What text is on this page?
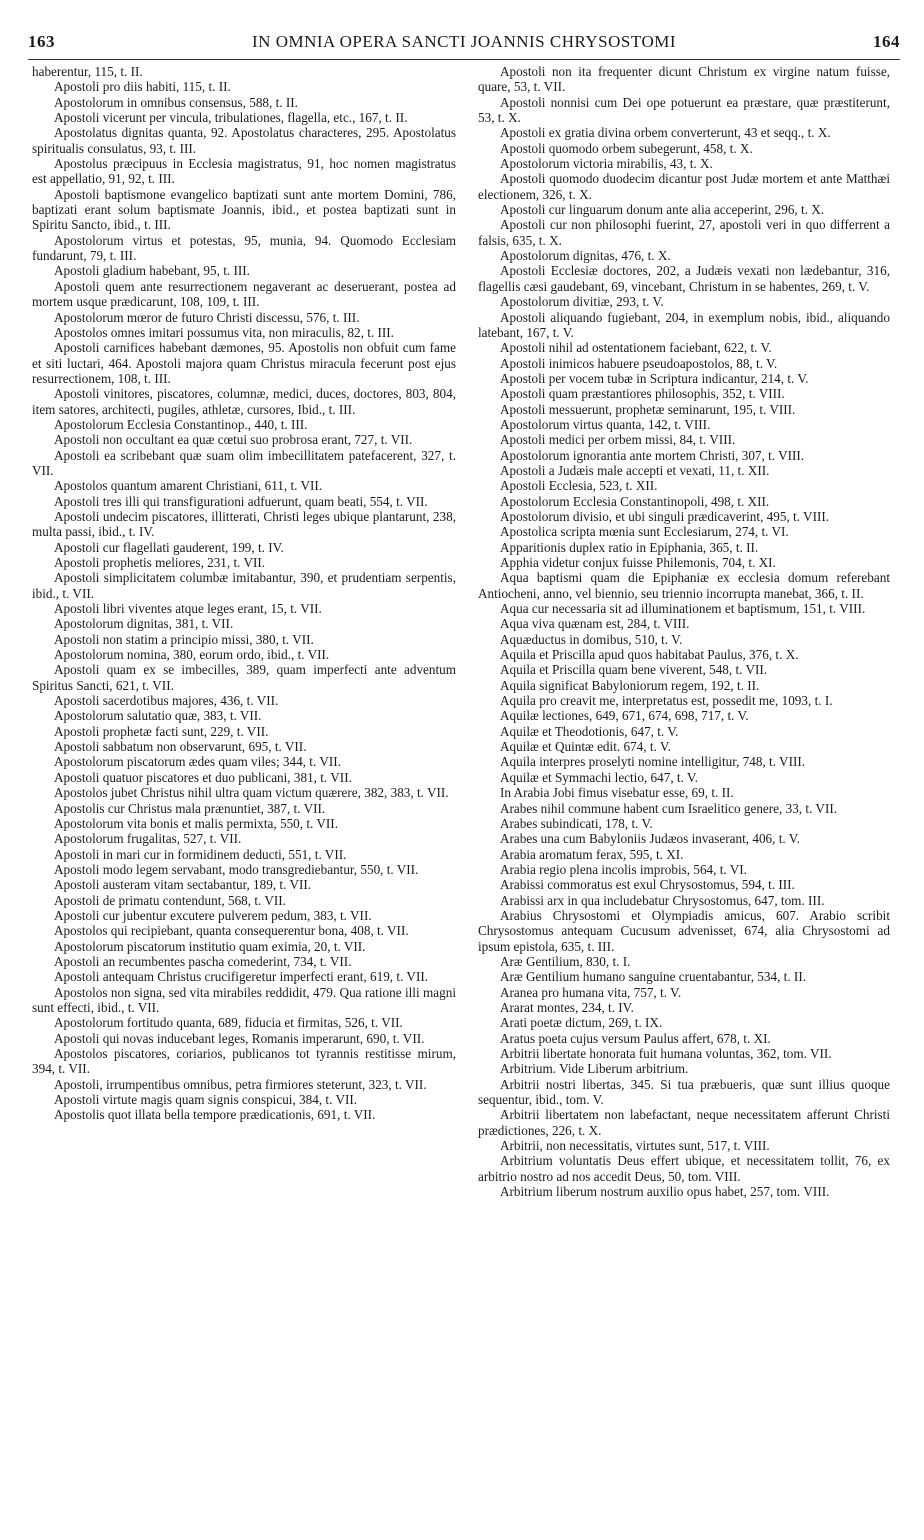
163	IN OMNIA OPERA SANCTI JOANNIS CHRYSOSTOMI	164

haberentur, 115, t. II.

Apostoli pro diis habiti, 115, t. II.

Apostolorum in omnibus consensus, 588, t. II.

Apostoli vicerunt per vincula, tribulationes, flagella, etc., 167, t. II.

Apostolatus dignitas quanta, 92. Apostolatus characteres, 295. Apostolatus spiritualis consulatus, 93, t. III.

Apostolus præcipuus in Ecclesia magistratus, 91, hoc nomen magistratus est appellatio, 91, 92, t. III.

Apostoli baptismone evangelico baptizati sunt ante mortem Domini, 786, baptizati erant solum baptismate Joannis, ibid., et postea baptizati sunt in Spiritu Sancto, ibid., t. III.

Apostolorum virtus et potestas, 95, munia, 94. Quomodo Ecclesiam fundarunt, 79, t. III.

Apostoli gladium habebant, 95, t. III.

Apostoli quem ante resurrectionem negaverant ac deseruerant, postea ad mortem usque prædicarunt, 108, 109, t. III.

Apostolorum mœror de futuro Christi discessu, 576, t. III.

Apostolos omnes imitari possumus vita, non miraculis, 82, t. III.

Apostoli carnifices habebant dæmones, 95. Apostolis non obfuit cum fame et siti luctari, 464. Apostoli majora quam Christus miracula fecerunt post ejus resurrectionem, 108, t. III.

Apostoli vinitores, piscatores, columnæ, medici, duces, doctores, 803, 804, item satores, architecti, pugiles, athletæ, cursores, Ibid., t. III.

Apostolorum Ecclesia Constantinop., 440, t. III.

Apostoli non occultant ea quæ cœtui suo probrosa erant, 727, t. VII.

Apostoli ea scribebant quæ suam olim imbecillitatem patefacerent, 327, t. VII.

Apostolos quantum amarent Christiani, 611, t. VII.

Apostoli tres illi qui transfigurationi adfuerunt, quam beati, 554, t. VII.

Apostoli undecim piscatores, illitterati, Christi leges ubique plantarunt, 238, multa passi, ibid., t. IV.

Apostoli cur flagellati gauderent, 199, t. IV.

Apostoli prophetis meliores, 231, t. VII.

Apostoli simplicitatem columbæ imitabantur, 390, et prudentiam serpentis, ibid., t. VII.

Apostoli libri viventes atque leges erant, 15, t. VII.

Apostolorum dignitas, 381, t. VII.

Apostoli non statim a principio missi, 380, t. VII.

Apostolorum nomina, 380, eorum ordo, ibid., t. VII.

Apostoli quam ex se imbecilles, 389, quam imperfecti ante adventum Spiritus Sancti, 621, t. VII.

Apostoli sacerdotibus majores, 436, t. VII.

Apostolorum salutatio quæ, 383, t. VII.

Apostoli prophetæ facti sunt, 229, t. VII.

Apostoli sabbatum non observarunt, 695, t. VII.

Apostolorum piscatorum ædes quam viles; 344, t. VII.

Apostoli quatuor piscatores et duo publicani, 381, t. VII.

Apostolos jubet Christus nihil ultra quam victum quærere, 382, 383, t. VII.

Apostolis cur Christus mala prænuntiet, 387, t. VII.

Apostolorum vita bonis et malis permixta, 550, t. VII.

Apostolorum frugalitas, 527, t. VII.

Apostoli in mari cur in formidinem deducti, 551, t. VII.

Apostoli modo legem servabant, modo transgrediebantur, 550, t. VII.

Apostoli austeram vitam sectabantur, 189, t. VII.

Apostoli de primatu contendunt, 568, t. VII.

Apostoli cur jubentur excutere pulverem pedum, 383, t. VII.

Apostolos qui recipiebant, quanta consequerentur bona, 408, t. VII.

Apostolorum piscatorum institutio quam eximia, 20, t. VII.

Apostoli an recumbentes pascha comederint, 734, t. VII.

Apostoli antequam Christus crucifigeretur imperfecti erant, 619, t. VII.

Apostolos non signa, sed vita mirabiles reddidit, 479. Qua ratione illi magni sunt effecti, ibid., t. VII.

Apostolorum fortitudo quanta, 689, fiducia et firmitas, 526, t. VII.

Apostoli qui novas inducebant leges, Romanis imperarunt, 690, t. VII.

Apostolos piscatores, coriarios, publicanos tot tyrannis restitisse mirum, 394, t. VII.

Apostoli, irrumpentibus omnibus, petra firmiores steterunt, 323, t. VII.

Apostoli virtute magis quam signis conspicui, 384, t. VII.

Apostolis quot illata bella tempore prædicationis, 691, t. VII.

Apostoli non ita frequenter dicunt Christum ex virgine natum fuisse, quare, 53, t. VII.

Apostoli nonnisi cum Dei ope potuerunt ea præstare, quæ præstiterunt, 53, t. X.

Apostoli ex gratia divina orbem converterunt, 43 et seqq., t. X.

Apostoli quomodo orbem subegerunt, 458, t. X.

Apostolorum victoria mirabilis, 43, t. X.

Apostoli quomodo duodecim dicantur post Judæ mortem et ante Matthæi electionem, 326, t. X.

Apostoli cur linguarum donum ante alia acceperint, 296, t. X.

Apostoli cur non philosophi fuerint, 27, apostoli veri in quo differrent a falsis, 635, t. X.

Apostolorum dignitas, 476, t. X.

Apostoli Ecclesiæ doctores, 202, a Judæis vexati non lædebantur, 316, flagellis cæsi gaudebant, 69, vincebant, Christum in se habentes, 269, t. V.

Apostolorum divitiæ, 293, t. V.

Apostoli aliquando fugiebant, 204, in exemplum nobis, ibid., aliquando latebant, 167, t. V.

Apostoli nihil ad ostentationem faciebant, 622, t. V.

Apostoli inimicos habuere pseudoapostolos, 88, t. V.

Apostoli per vocem tubæ in Scriptura indicantur, 214, t. V.

Apostoli quam præstantiores philosophis, 352, t. VIII.

Apostoli messuerunt, prophetæ seminarunt, 195, t. VIII.

Apostolorum virtus quanta, 142, t. VIII.

Apostoli medici per orbem missi, 84, t. VIII.

Apostolorum ignorantia ante mortem Christi, 307, t. VIII.

Apostoli a Judæis male accepti et vexati, 11, t. XII.

Apostoli Ecclesia, 523, t. XII.

Apostolorum Ecclesia Constantinopoli, 498, t. XII.

Apostolorum divisio, et ubi singuli prædicaverint, 495, t. VIII.

Apostolica scripta mœnia sunt Ecclesiarum, 274, t. VI.

Apparitionis duplex ratio in Epiphania, 365, t. II.

Apphia videtur conjux fuisse Philemonis, 704, t. XI.

Aqua baptismi quam die Epiphaniæ ex ecclesia domum referebant Antiocheni, anno, vel biennio, seu triennio incorrupta manebat, 366, t. II.

Aqua cur necessaria sit ad illuminationem et baptismum, 151, t. VIII.

Aqua viva quænam est, 284, t. VIII.

Aquæductus in domibus, 510, t. V.

Aquila et Priscilla apud quos habitabat Paulus, 376, t. X.

Aquila et Priscilla quam bene viverent, 548, t. VII.

Aquila significat Babyloniorum regem, 192, t. II.

Aquila pro creavit me, interpretatus est, possedit me, 1093, t. I.

Aquilæ lectiones, 649, 671, 674, 698, 717, t. V.

Aquilæ et Theodotionis, 647, t. V.

Aquilæ et Quintæ edit. 674, t. V.

Aquila interpres proselyti nomine intelligitur, 748, t. VIII.

Aquilæ et Symmachi lectio, 647, t. V.

In Arabia Jobi fimus visebatur esse, 69, t. II.

Arabes nihil commune habent cum Israelitico genere, 33, t. VII.

Arabes subindicati, 178, t. V.

Arabes una cum Babyloniis Judæos invaserant, 406, t. V.

Arabia aromatum ferax, 595, t. XI.

Arabia regio plena incolis improbis, 564, t. VI.

Arabissi commoratus est exul Chrysostomus, 594, t. III.

Arabissi arx in qua includebatur Chrysostomus, 647, tom. III.

Arabius Chrysostomi et Olympiadis amicus, 607. Arabio scribit Chrysostomus antequam Cucusum advenisset, 674, alia Chrysostomi ad ipsum epistola, 635, t. III.

Aræ Gentilium, 830, t. I.

Aræ Gentilium humano sanguine cruentabantur, 534, t. II.

Aranea pro humana vita, 757, t. V.

Ararat montes, 234, t. IV.

Arati poetæ dictum, 269, t. IX.

Aratus poeta cujus versum Paulus affert, 678, t. XI.

Arbitrii libertate honorata fuit humana voluntas, 362, tom. VII.

Arbitrium. Vide Liberum arbitrium.

Arbitrii nostri libertas, 345. Si tua præbueris, quæ sunt illius quoque sequentur, ibid., tom. V.

Arbitrii libertatem non labefactant, neque necessitatem afferunt Christi prædictiones, 226, t. X.

Arbitrii, non necessitatis, virtutes sunt, 517, t. VIII.

Arbitrium voluntatis Deus effert ubique, et necessitatem tollit, 76, ex arbitrio nostro ad nos accedit Deus, 50, tom. VIII.

Arbitrium liberum nostrum auxilio opus habet, 257, tom. VIII.
